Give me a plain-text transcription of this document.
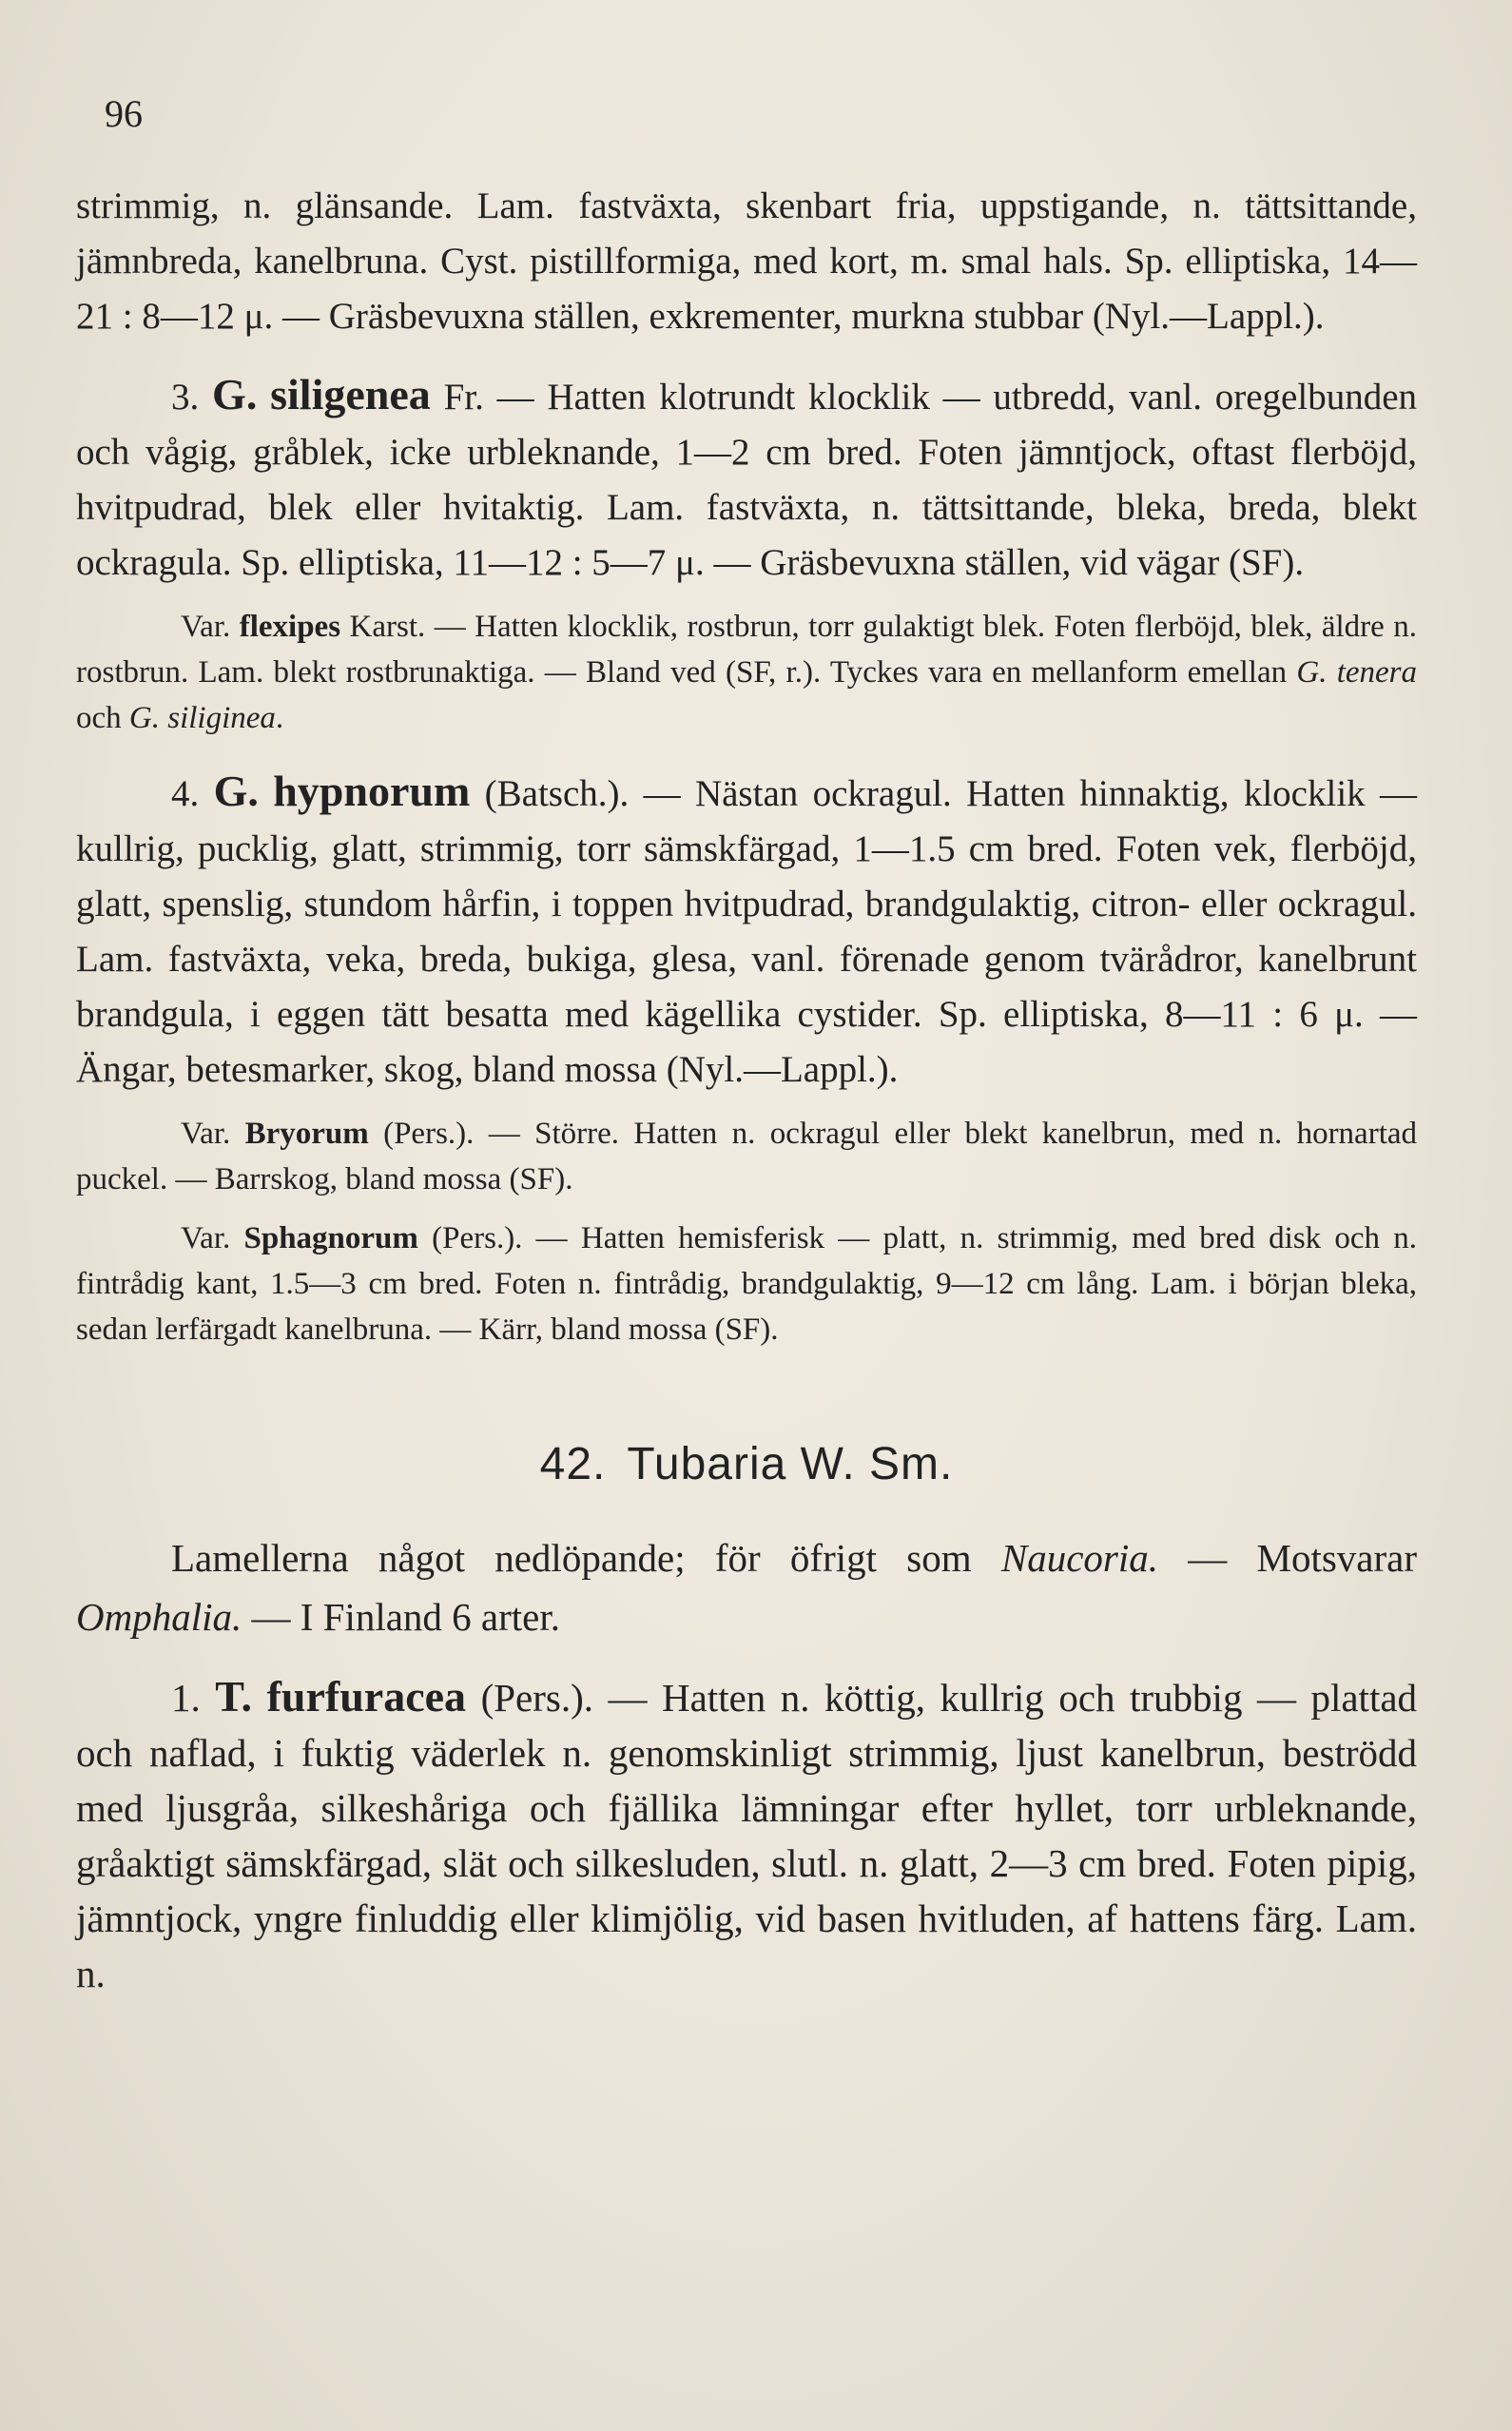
96

strimmig, n. glänsande. Lam. fastväxta, skenbart fria, uppstigande, n. tättsittande, jämnbreda, kanelbruna. Cyst. pistillformiga, med kort, m. smal hals. Sp. elliptiska, 14—21 : 8—12 μ. — Gräsbevuxna ställen, exkrementer, murkna stubbar (Nyl.—Lappl.).

3. G. siligenea Fr. — Hatten klotrundt klocklik — utbredd, vanl. oregelbunden och vågig, gråblek, icke urbleknande, 1—2 cm bred. Foten jämntjock, oftast flerböjd, hvitpudrad, blek eller hvitaktig. Lam. fastväxta, n. tättsittande, bleka, breda, blekt ockragula. Sp. elliptiska, 11—12 : 5—7 μ. — Gräsbevuxna ställen, vid vägar (SF).

Var. flexipes Karst. — Hatten klocklik, rostbrun, torr gulaktigt blek. Foten flerböjd, blek, äldre n. rostbrun. Lam. blekt rostbrunaktiga. — Bland ved (SF, r.). Tyckes vara en mellanform emellan G. tenera och G. siliginea.

4. G. hypnorum (Batsch.). — Nästan ockragul. Hatten hinnaktig, klocklik — kullrig, pucklig, glatt, strimmig, torr sämskfärgad, 1—1.5 cm bred. Foten vek, flerböjd, glatt, spenslig, stundom hårfin, i toppen hvitpudrad, brandgulaktig, citron- eller ockragul. Lam. fastväxta, veka, breda, bukiga, glesa, vanl. förenade genom tvärådror, kanelbrunt brandgula, i eggen tätt besatta med kägellika cystider. Sp. elliptiska, 8—11 : 6 μ. — Ängar, betesmarker, skog, bland mossa (Nyl.—Lappl.).

Var. Bryorum (Pers.). — Större. Hatten n. ockragul eller blekt kanelbrun, med n. hornartad puckel. — Barrskog, bland mossa (SF).

Var. Sphagnorum (Pers.). — Hatten hemisferisk — platt, n. strimmig, med bred disk och n. fintrådig kant, 1.5—3 cm bred. Foten n. fintrådig, brandgulaktig, 9—12 cm lång. Lam. i början bleka, sedan lerfärgadt kanelbruna. — Kärr, bland mossa (SF).

42. Tubaria W. Sm.

Lamellerna något nedlöpande; för öfrigt som Naucoria. — Motsvarar Omphalia. — I Finland 6 arter.

1. T. furfuracea (Pers.). — Hatten n. köttig, kullrig och trubbig — plattad och naflad, i fuktig väderlek n. genomskinligt strimmig, ljust kanelbrun, beströdd med ljusgråa, silkeshåriga och fjällika lämningar efter hyllet, torr urbleknande, gråaktigt sämskfärgad, slät och silkesluden, slutl. n. glatt, 2—3 cm bred. Foten pipig, jämntjock, yngre finluddig eller klimjölig, vid basen hvitluden, af hattens färg. Lam. n.
